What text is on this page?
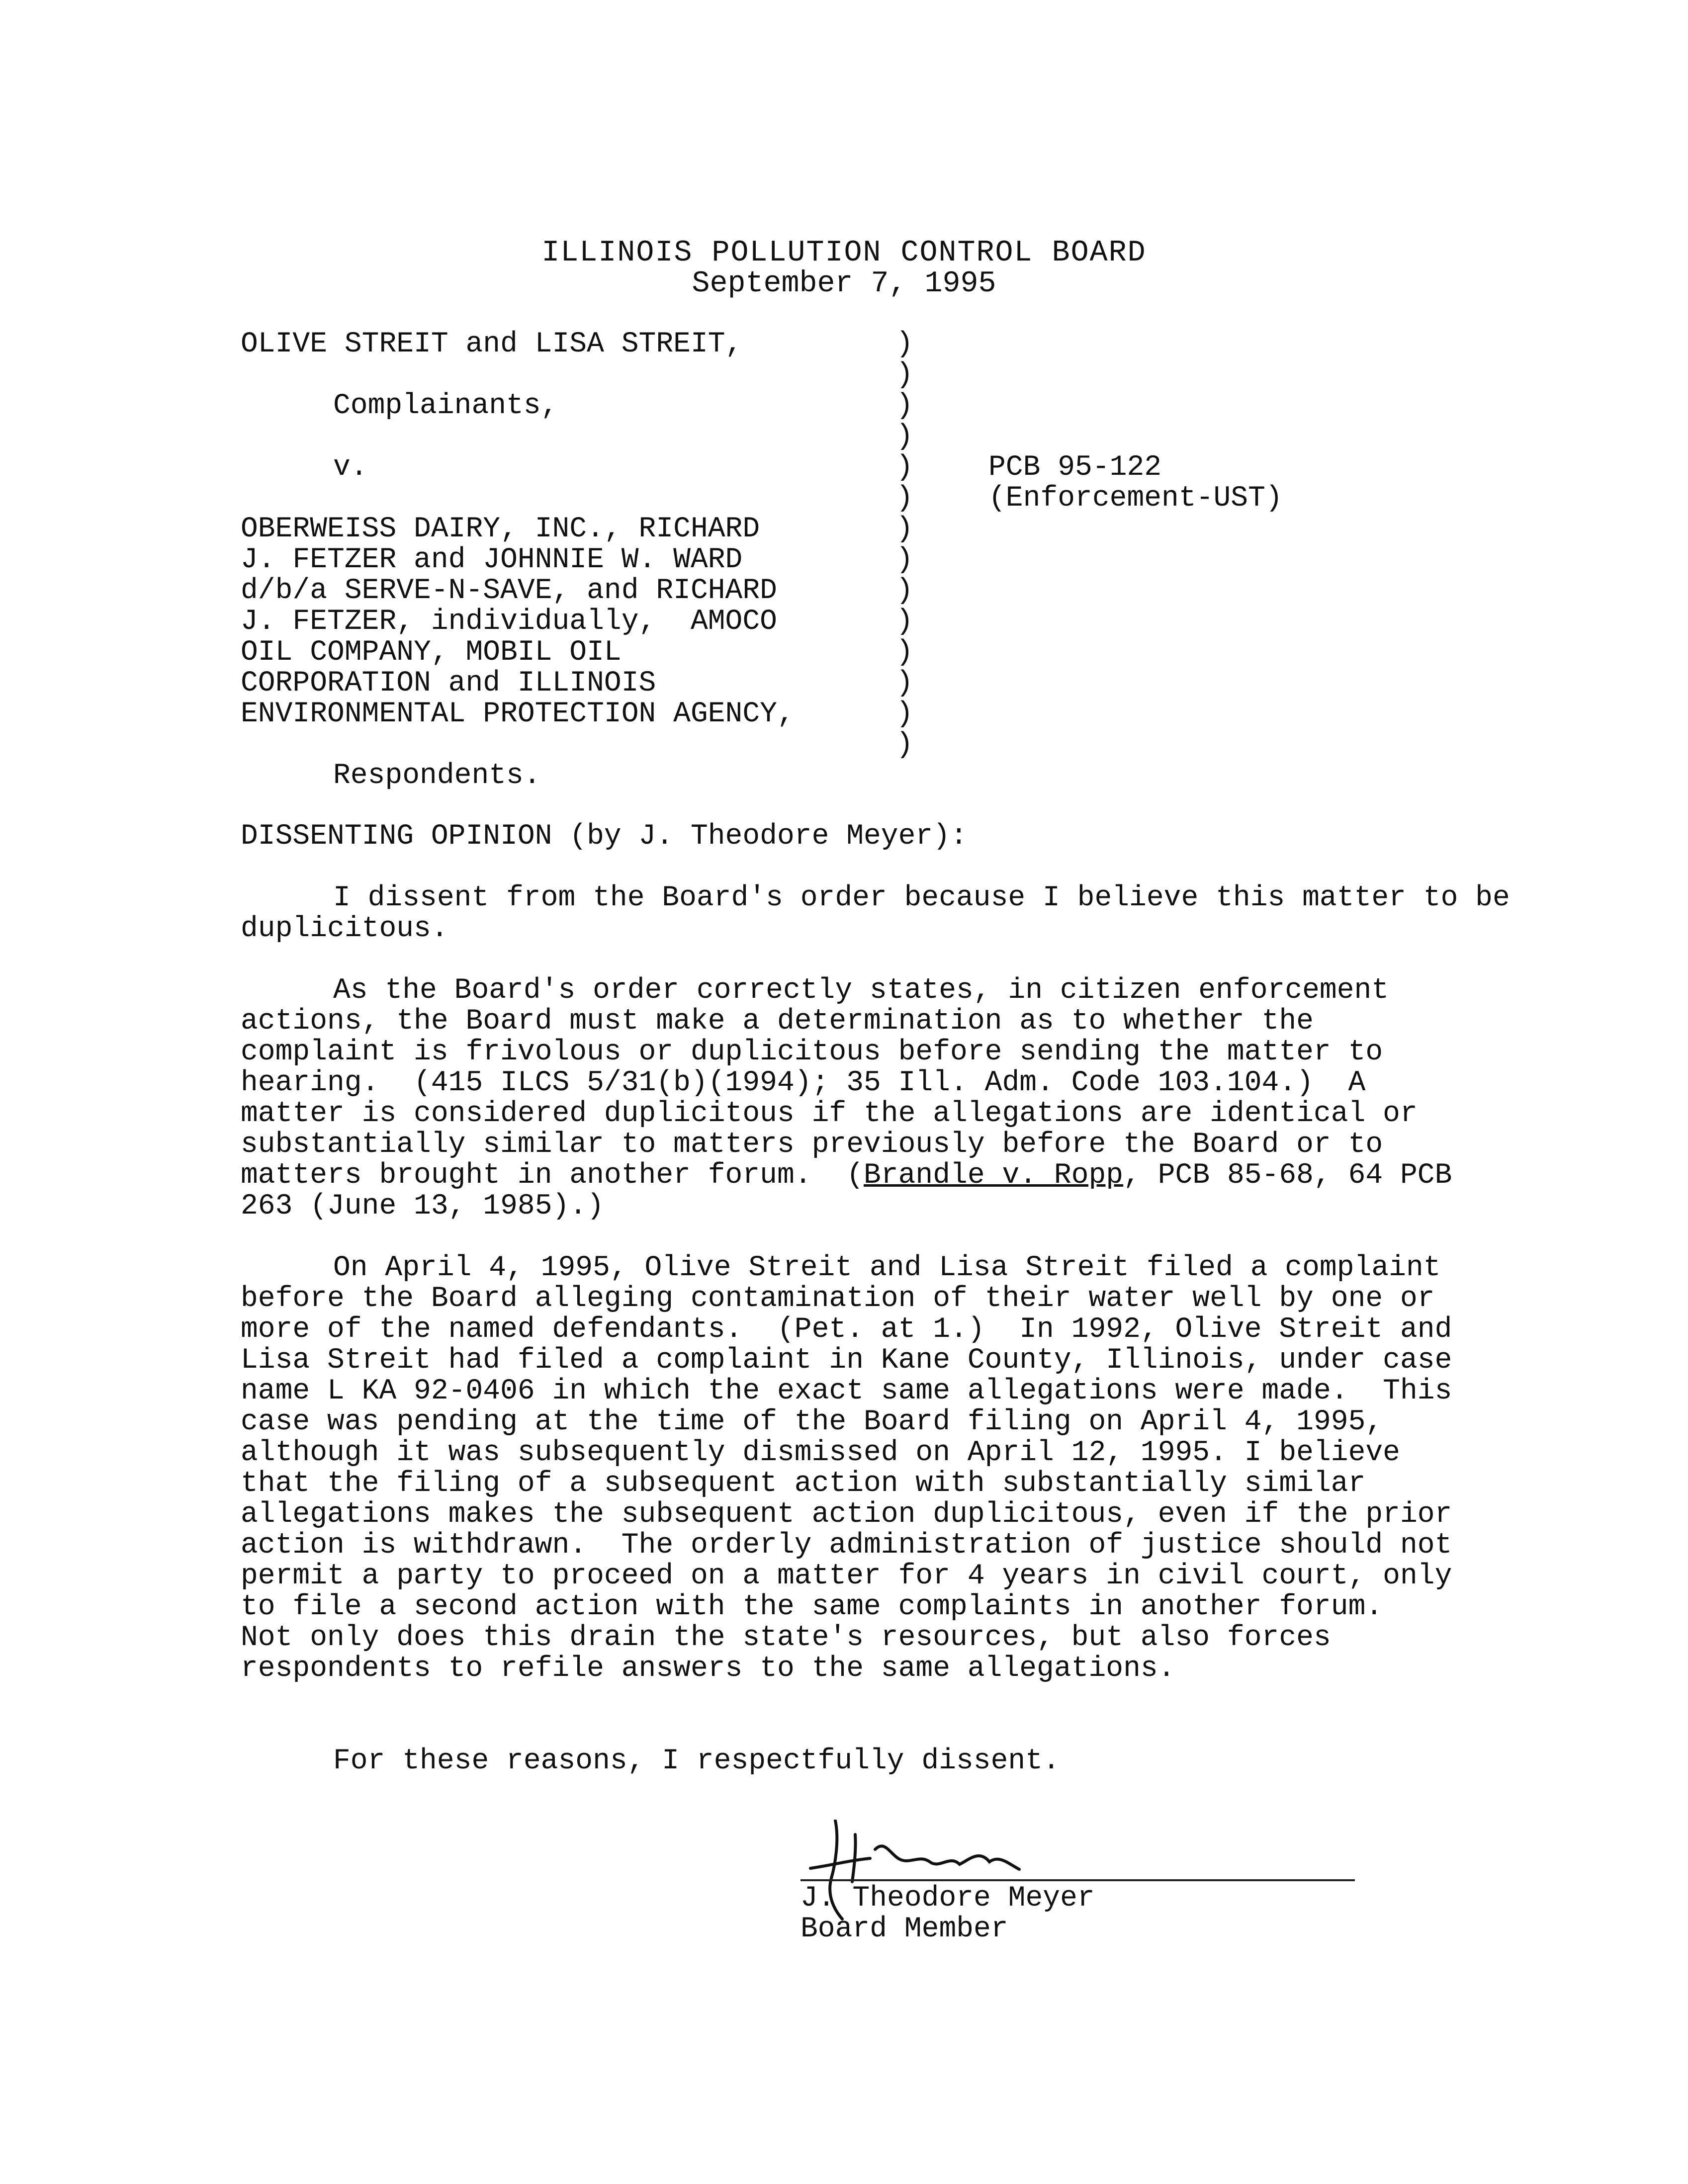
ILLINOIS POLLUTION CONTROL BOARD
September 7, 1995
OLIVE STREIT and LISA STREIT,

Complainants,

v.

OBERWEISS DAIRY, INC., RICHARD
J. FETZER and JOHNNIE W. WARD
d/b/a SERVE-N-SAVE, and RICHARD
J. FETZER, individually,  AMOCO
OIL COMPANY, MOBIL OIL
CORPORATION and ILLINOIS
ENVIRONMENTAL PROTECTION AGENCY,

Respondents.
)
)
)
)
)
)
)
)
)
)
)
)
)
)
PCB 95-122
(Enforcement-UST)
DISSENTING OPINION (by J. Theodore Meyer):
I dissent from the Board's order because I believe this matter to be duplicitous.
As the Board's order correctly states, in citizen enforcement actions, the Board must make a determination as to whether the complaint is frivolous or duplicitous before sending the matter to hearing.  (415 ILCS 5/31(b)(1994); 35 Ill. Adm. Code 103.104.)  A matter is considered duplicitous if the allegations are identical or substantially similar to matters previously before the Board or to matters brought in another forum.  (Brandle v. Ropp, PCB 85-68, 64 PCB 263 (June 13, 1985).)
On April 4, 1995, Olive Streit and Lisa Streit filed a complaint before the Board alleging contamination of their water well by one or more of the named defendants.  (Pet. at 1.)  In 1992, Olive Streit and Lisa Streit had filed a complaint in Kane County, Illinois, under case name L KA 92-0406 in which the exact same allegations were made.  This case was pending at the time of the Board filing on April 4, 1995, although it was subsequently dismissed on April 12, 1995. I believe that the filing of a subsequent action with substantially similar allegations makes the subsequent action duplicitous, even if the prior action is withdrawn.  The orderly administration of justice should not permit a party to proceed on a matter for 4 years in civil court, only to file a second action with the same complaints in another forum.  Not only does this drain the state's resources, but also forces respondents to refile answers to the same allegations.
For these reasons, I respectfully dissent.
J. Theodore Meyer
Board Member
